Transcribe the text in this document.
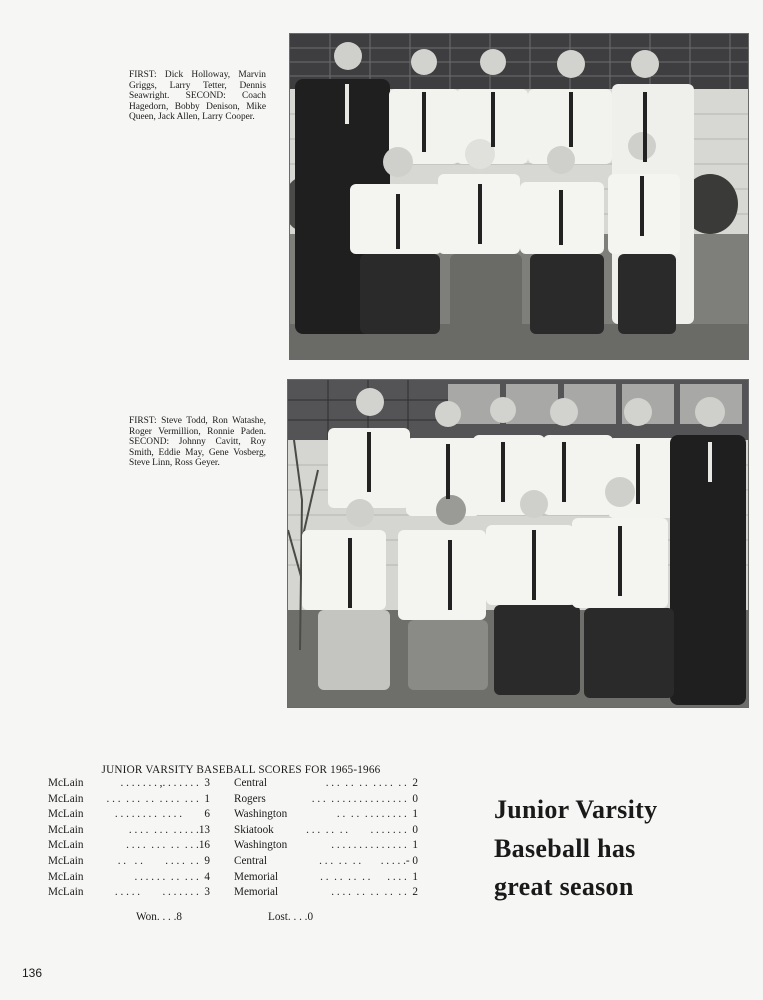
FIRST: Dick Holloway, Marvin Griggs, Larry Tetter, Dennis Seawright. SECOND: Coach Hagedorn, Bobby Denison, Mike Queen, Jack Allen, Larry Cooper.
FIRST: Steve Todd, Ron Watashe, Roger Vermillion, Ronnie Paden. SECOND: Johnny Cavitt, Roy Smith, Eddie May, Gene Vosberg, Steve Linn, Ross Geyer.
JUNIOR VARSITY BASEBALL SCORES FOR 1965-1966
McLain	. . . . . . . ,. . . . . . .  3 Central	. . .  . .  . .  . . . .  . .  2
McLain	. . .  . . .  . .  . . . .  . . .  1 Rogers	. . .  . . . . . . . . . . . . . .  0
McLain	. . . . . . . .  . . . .        6 Washington	. .  . .  . . . . . . . .  1
McLain	. . . .  . . .  . . . . .13 Skiatook	. . .  . .  . .        . . . . . . .  0
McLain	. . . .  . . .  . .  . . .16 Washington	. . . . . . . . . . . . . .  1
McLain	. .   . .        . . . .  . .  9 Central	. . .  . .  . .       . . . . .- 0
McLain	. . . . . .  . .  . . .  4 Memorial	. .  . .  . .  . .      . . . .  1
McLain	. . . . .        . . . . . . .  3 Memorial	. . . .  . .  . .  . .  . .  2
Won. . . .8	Lost. . . .0
Junior Varsity
Baseball has
great season
136
